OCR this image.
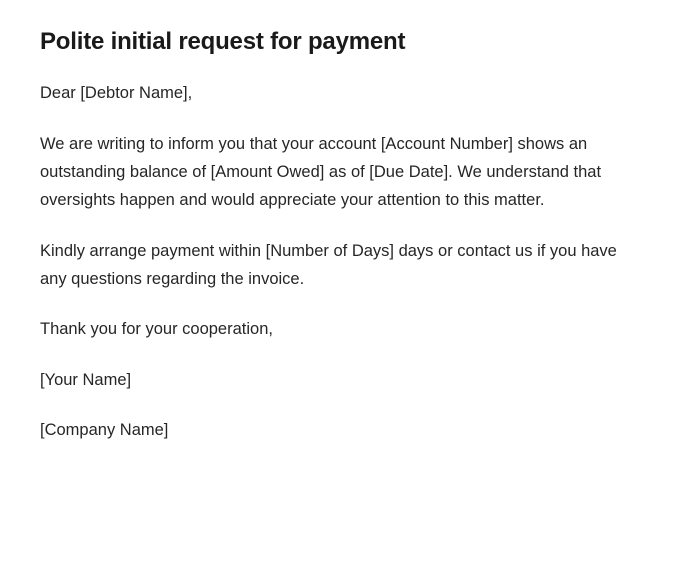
Polite initial request for payment

Dear [Debtor Name],

We are writing to inform you that your account [Account Number] shows an outstanding balance of [Amount Owed] as of [Due Date]. We understand that oversights happen and would appreciate your attention to this matter.

Kindly arrange payment within [Number of Days] days or contact us if you have any questions regarding the invoice.

Thank you for your cooperation,

[Your Name]

[Company Name]
